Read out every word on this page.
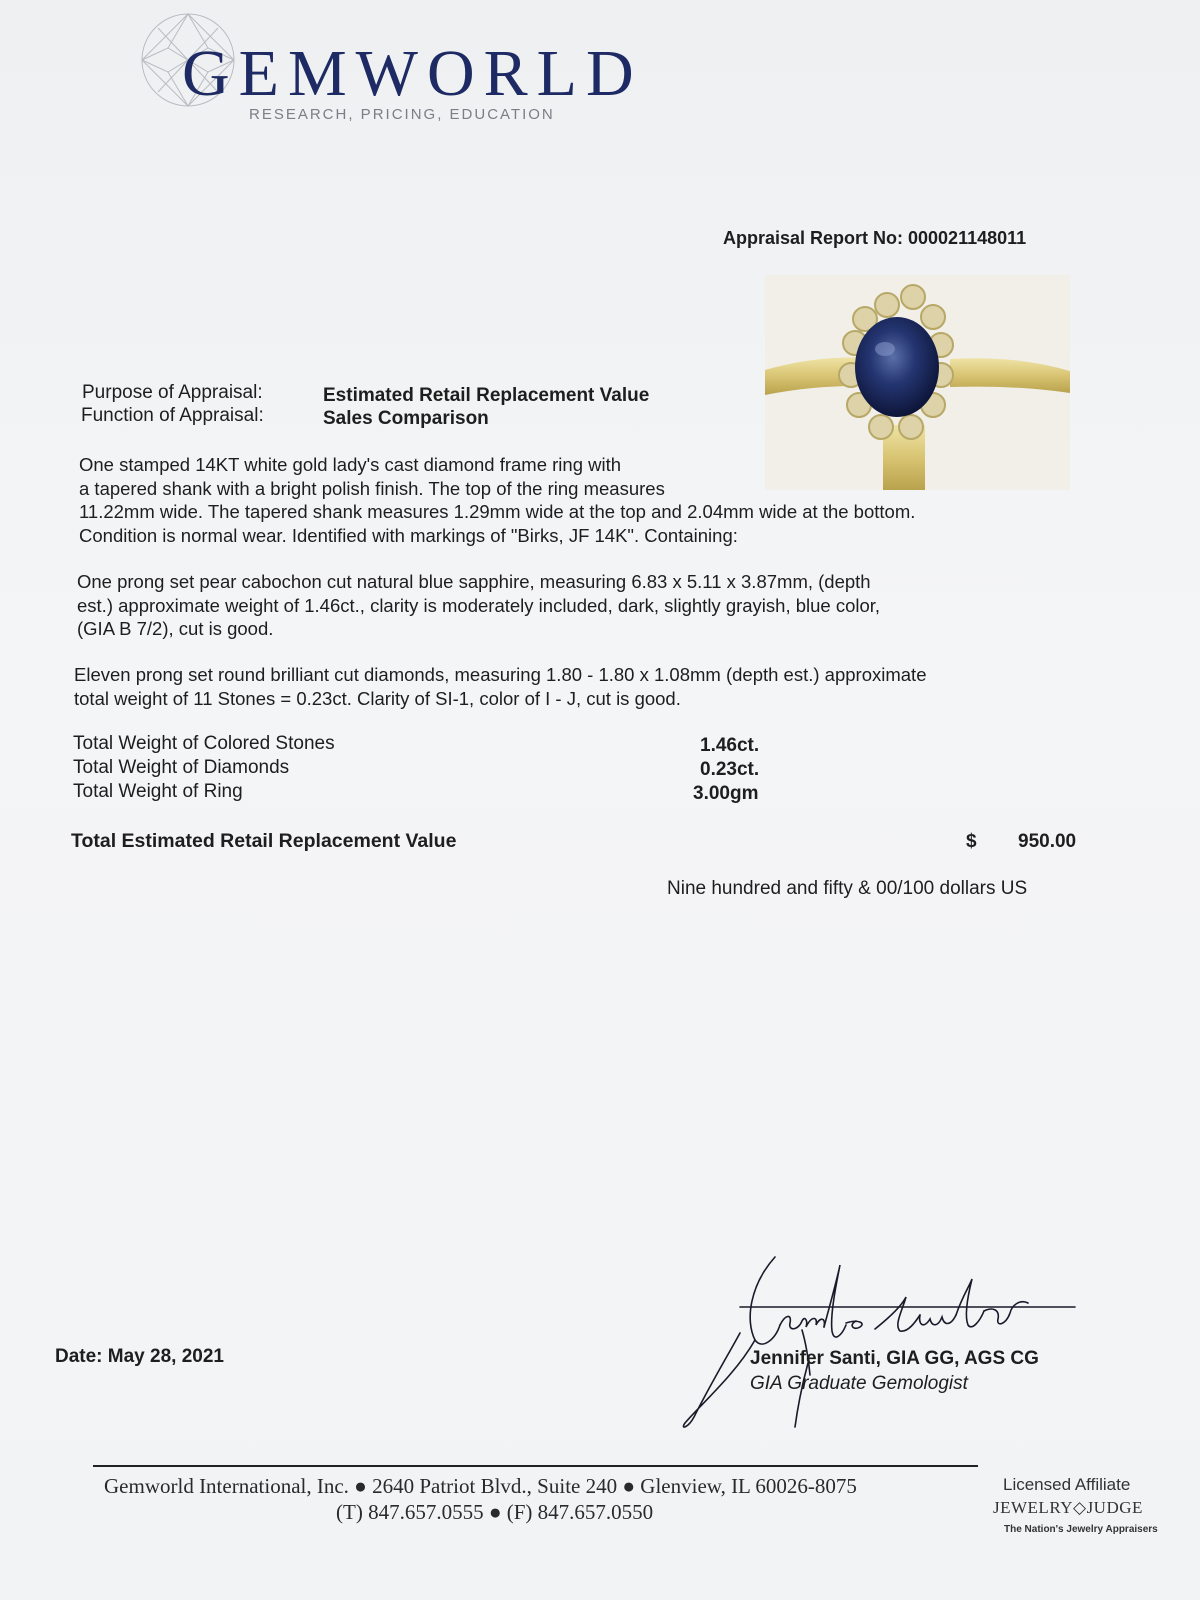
GEMWORLD
RESEARCH, PRICING, EDUCATION
Appraisal Report No: 000021148011
Purpose of Appraisal:	Estimated Retail Replacement Value
Function of Appraisal:	Sales Comparison
One stamped 14KT white gold lady's cast diamond frame ring with
a tapered shank with a bright polish finish. The top of the ring measures
11.22mm wide. The tapered shank measures 1.29mm wide at the top and 2.04mm wide at the bottom.
Condition is normal wear. Identified with markings of "Birks, JF 14K". Containing:
One prong set pear cabochon cut natural blue sapphire, measuring 6.83 x 5.11 x 3.87mm, (depth
est.) approximate weight of 1.46ct., clarity is moderately included, dark, slightly grayish, blue color,
(GIA B 7/2), cut is good.
Eleven prong set round brilliant cut diamonds, measuring 1.80 - 1.80 x 1.08mm (depth est.) approximate
total weight of 11 Stones = 0.23ct. Clarity of SI-1, color of I - J, cut is good.
Total Weight of Colored Stones	1.46ct.
Total Weight of Diamonds	0.23ct.
Total Weight of Ring	3.00gm
Total Estimated Retail Replacement Value	$ 950.00
Nine hundred and fifty & 00/100 dollars US
Date: May 28, 2021	Jennifer Santi, GIA GG, AGS CG
GIA Graduate Gemologist
Gemworld International, Inc. ● 2640 Patriot Blvd., Suite 240 ● Glenview, IL 60026-8075
(T) 847.657.0555 ● (F) 847.657.0550
Licensed Affiliate
JEWELRY◇JUDGE
The Nation's Jewelry Appraisers
